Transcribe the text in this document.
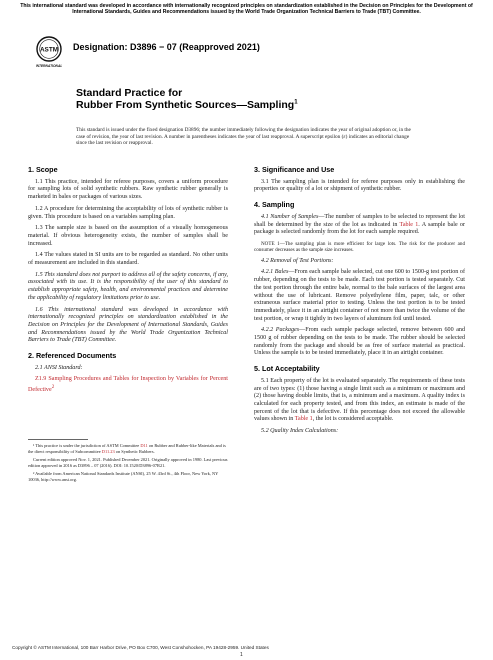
This international standard was developed in accordance with internationally recognized principles on standardization established in the Decision on Principles for the Development of International Standards, Guides and Recommendations issued by the World Trade Organization Technical Barriers to Trade (TBT) Committee.
ASTM
INTERNATIONAL
Designation: D3896 − 07 (Reapproved 2021)
Standard Practice for
Rubber From Synthetic Sources—Sampling$^1$
This standard is issued under the fixed designation D3896; the number immediately following the designation indicates the year of original adoption or, in the case of revision, the year of last revision. A number in parentheses indicates the year of last reapproval. A superscript epsilon (ε) indicates an editorial change since the last revision or reapproval.
1. Scope
1.1 This practice, intended for referee purposes, covers a uniform procedure for sampling lots of solid synthetic rubbers. Raw synthetic rubber generally is marketed in bales or packages of various sizes.
1.2 A procedure for determining the acceptability of lots of synthetic rubber is given. This procedure is based on a variables sampling plan.
1.3 The sample size is based on the assumption of a visually homogeneous material. If obvious heterogeneity exists, the number of samples shall be increased.
1.4 The values stated in SI units are to be regarded as standard. No other units of measurement are included in this standard.
1.5 This standard does not purport to address all of the safety concerns, if any, associated with its use. It is the responsibility of the user of this standard to establish appropriate safety, health, and environmental practices and determine the applicability of regulatory limitations prior to use.
1.6 This international standard was developed in accordance with internationally recognized principles on standardization established in the Decision on Principles for the Development of International Standards, Guides and Recommendations issued by the World Trade Organization Technical Barriers to Trade (TBT) Committee.
2. Referenced Documents
2.1 ANSI Standard:
Z1.9 Sampling Procedures and Tables for Inspection by Variables for Percent Defective$^2$
¹ This practice is under the jurisdiction of ASTM Committee D11 on Rubber and Rubber-like Materials and is the direct responsibility of Subcommittee D11.23 on Synthetic Rubbers.
Current edition approved Nov. 1, 2021. Published December 2021. Originally approved in 1980. Last previous edition approved in 2016 as D3896 – 07 (2016). DOI: 10.1520/D3896-07R21.
² Available from American National Standards Institute (ANSI), 25 W. 43rd St., 4th Floor, New York, NY 10036, http://www.ansi.org.
3. Significance and Use
3.1 The sampling plan is intended for referee purposes only in establishing the properties or quality of a lot or shipment of synthetic rubber.
4. Sampling
4.1 Number of Samples—The number of samples to be selected to represent the lot shall be determined by the size of the lot as indicated in Table 1. A sample bale or package is selected randomly from the lot for each sample required.
NOTE 1—The sampling plan is more efficient for large lots. The risk for the producer and consumer decreases as the sample size increases.
4.2 Removal of Test Portions:
4.2.1 Bales—From each sample bale selected, cut one 600 to 1500-g test portion of rubber, depending on the tests to be made. Each test portion is tested separately. Cut the test portion through the entire bale, normal to the bale surfaces of the largest area without the use of lubricant. Remove polyethylene film, paper, talc, or other extraneous surface material prior to testing. Unless the test portion is to be tested immediately, place it in an airtight container of not more than twice the volume of the test portion, or wrap it tightly in two layers of aluminum foil until tested.
4.2.2 Packages—From each sample package selected, remove between 600 and 1500 g of rubber depending on the tests to be made. The rubber should be selected randomly from the package and should be as free of surface material as practical. Unless the sample is to be tested immediately, place it in an airtight container.
5. Lot Acceptability
5.1 Each property of the lot is evaluated separately. The requirements of these tests are of two types: (1) those having a single limit such as a minimum or maximum and (2) those having double limits, that is, a minimum and a maximum. A quality index is calculated for each property tested, and from this index, an estimate is made of the percent of the lot that is defective. If this percentage does not exceed the allowable values shown in Table 1, the lot is considered acceptable.
5.2 Quality Index Calculations:
Copyright © ASTM International, 100 Barr Harbor Drive, PO Box C700, West Conshohocken, PA 19428-2959. United States
1
